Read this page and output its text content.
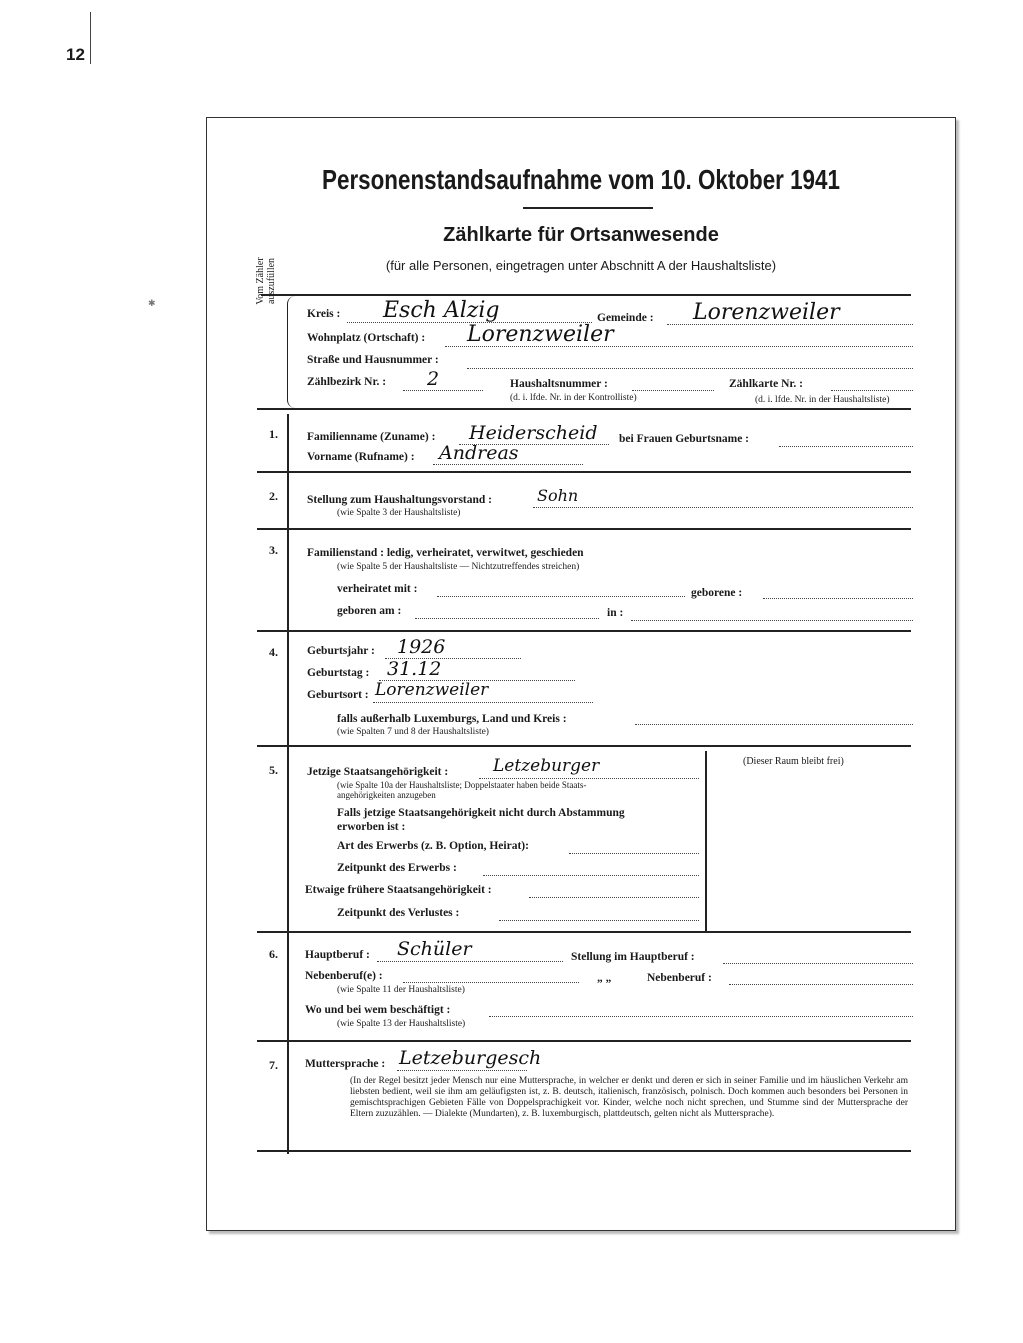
12
✱
Personenstandsaufnahme vom 10. Oktober 1941
Zählkarte für Ortsanwesende
(für alle Personen, eingetragen unter Abschnitt A der Haushaltsliste)
Vom Zähler auszufüllen
Kreis : Esch Alzig	Gemeinde : Lorenzweiler
Wohnplatz (Ortschaft) : Lorenzweiler
Straße und Hausnummer :
Zählbezirk Nr. : 2	Haushaltsnummer :
(d. i. lfde. Nr. in der Kontrolliste)
Zählkarte Nr. :
(d. i. lfde. Nr. in der Haushaltsliste)
1.	Familienname (Zuname) : Heiderscheid bei Frauen Geburtsname :
Vorname (Rufname) : Andreas
2.	Stellung zum Haushaltungsvorstand :	Sohn
(wie Spalte 3 der Haushaltsliste)
3.	Familienstand : ledig, verheiratet, verwitwet, geschieden
(wie Spalte 5 der Haushaltsliste — Nichtzutreffendes streichen)
verheiratet mit :	geborene :
geboren am :	in :
4.	Geburtsjahr : 1926
Geburtstag : 31.12
Geburtsort : Lorenzweiler
falls außerhalb Luxemburgs, Land und Kreis :
(wie Spalten 7 und 8 der Haushaltsliste)
5.	Jetzige Staatsangehörigkeit :	Letzeburger
(wie Spalte 10a der Haushaltsliste; Doppelstaater haben beide Staats-
angehörigkeiten anzugeben
Falls jetzige Staatsangehörigkeit nicht durch Abstammung
erworben ist :
Art des Erwerbs (z. B. Option, Heirat):
Zeitpunkt des Erwerbs :
Etwaige frühere Staatsangehörigkeit :
Zeitpunkt des Verlustes :
(Dieser Raum bleibt frei)
6. Hauptberuf : Schüler	Stellung im Hauptberuf :
Nebenberuf(e) :	„ „	Nebenberuf :
(wie Spalte 11 der Haushaltsliste)
Wo und bei wem beschäftigt :
(wie Spalte 13 der Haushaltsliste)
7. Muttersprache : Letzeburgesch
(In der Regel besitzt jeder Mensch nur eine Muttersprache, in welcher er denkt und deren er sich in seiner Familie und im häuslichen Verkehr am liebsten bedient, weil sie ihm am geläufigsten ist, z. B. deutsch, italienisch, französisch, polnisch. Doch kommen auch besonders bei Personen in gemischtsprachigen Gebieten Fälle von Doppelsprachigkeit vor. Kinder, welche noch nicht sprechen, und Stumme sind der Muttersprache der Eltern zuzuzählen. — Dialekte (Mundarten), z. B. luxemburgisch, plattdeutsch, gelten nicht als Muttersprache).
